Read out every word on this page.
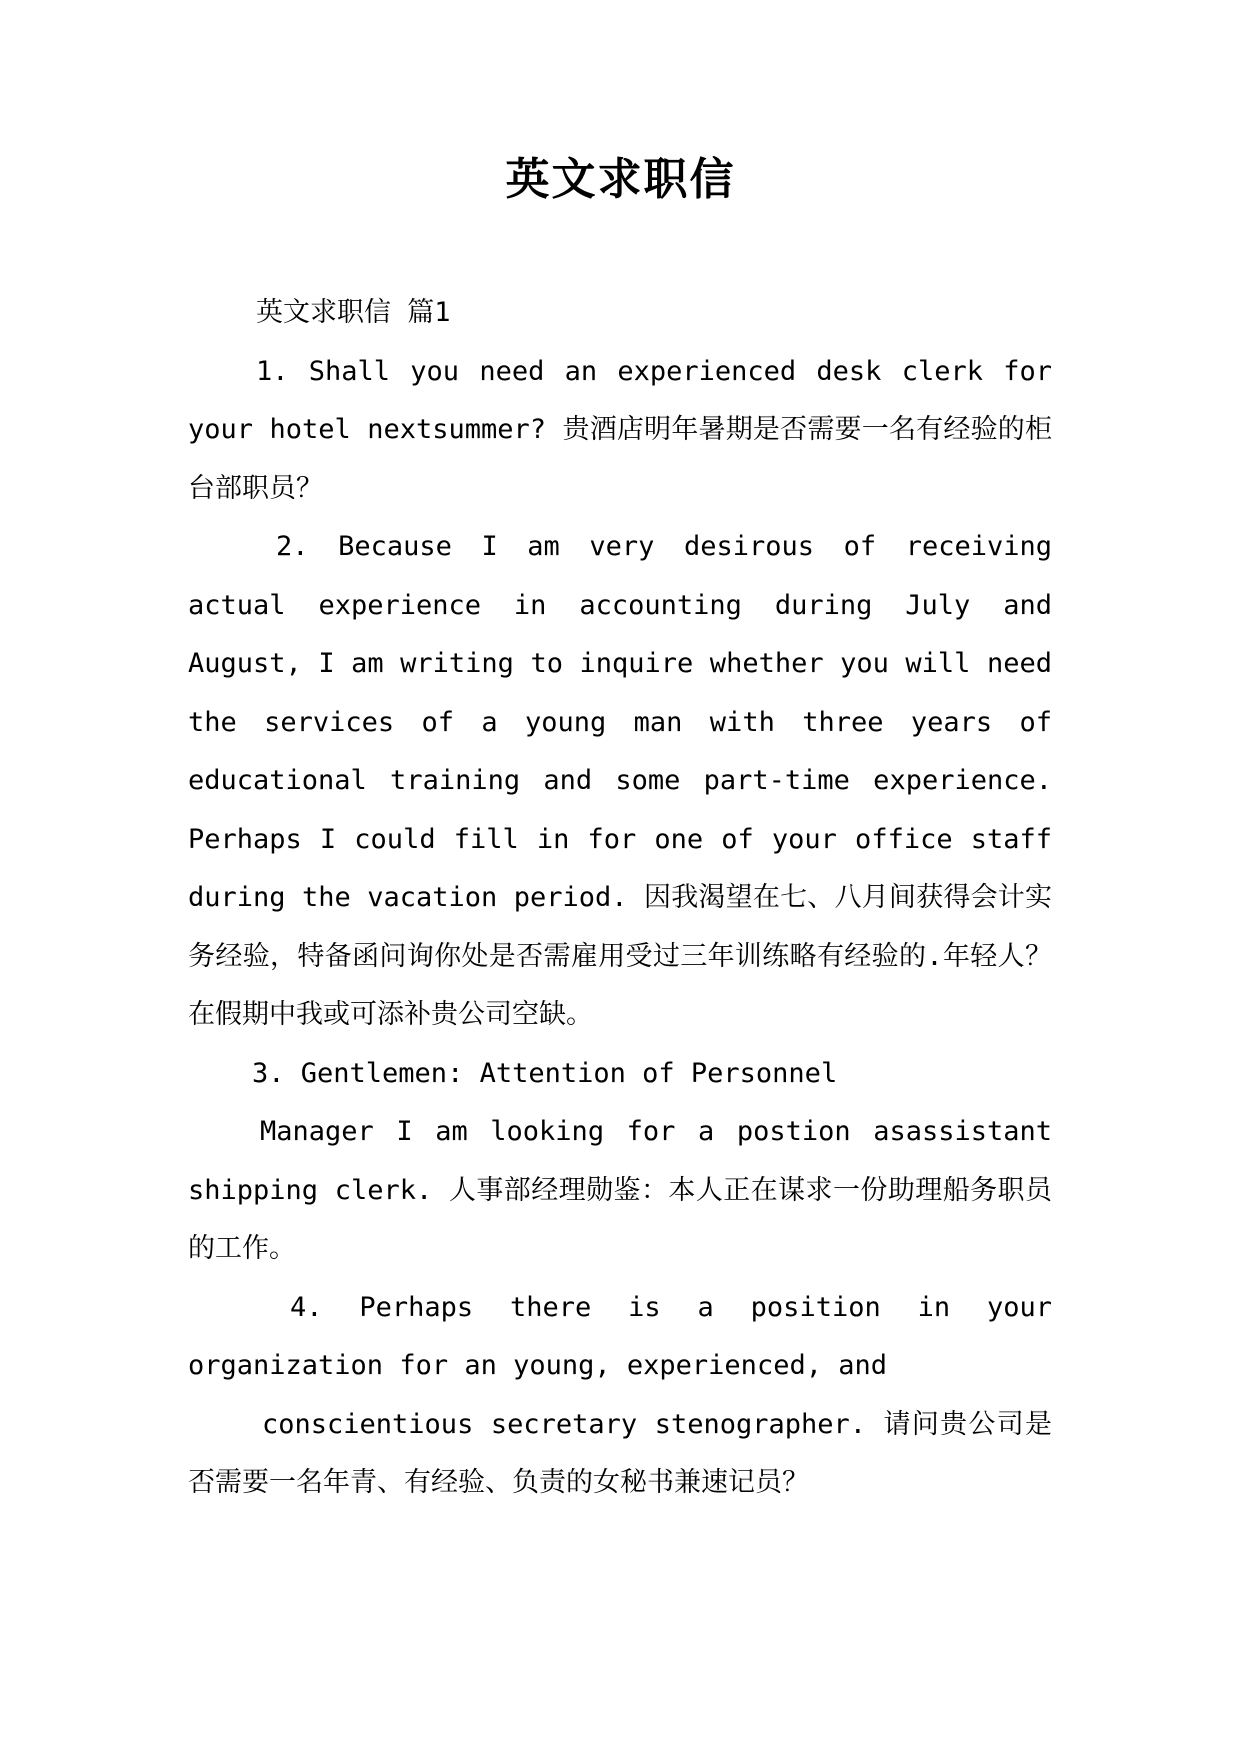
英文求职信

英文求职信 篇1

1. Shall you need an experienced desk clerk for your hotel nextsummer? 贵酒店明年暑期是否需要一名有经验的柜台部职员？

2. Because I am very desirous of receiving actual experience in accounting during July and August, I am writing to inquire whether you will need the services of a young man with three years of educational training and some part-time experience. Perhaps I could fill in for one of your office staff during the vacation period. 因我渴望在七、八月间获得会计实务经验，特备函问询你处是否需雇用受过三年训练略有经验的.年轻人？在假期中我或可添补贵公司空缺。

3. Gentlemen: Attention of Personnel

Manager I am looking for a postion asassistant shipping clerk. 人事部经理勋鉴：本人正在谋求一份助理船务职员的工作。

4. Perhaps there is a position in your organization for an young, experienced, and

conscientious secretary stenographer. 请问贵公司是否需要一名年青、有经验、负责的女秘书兼速记员？
